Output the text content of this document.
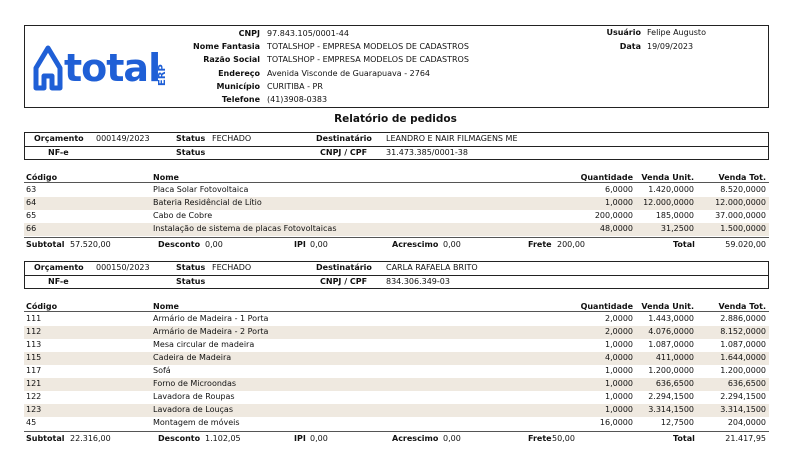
total
ERP
CNPJ 97.843.105/0001-44
Nome Fantasia TOTALSHOP - EMPRESA MODELOS DE CADASTROS
Razão Social TOTALSHOP - EMPRESA MODELOS DE CADASTROS
Endereço Avenida Visconde de Guarapuava - 2764
Município CURITIBA - PR
Telefone (41)3908-0383
Usuário Felipe Augusto
Data 19/09/2023
Relatório de pedidos
Orçamento 000149/2023	Status FECHADO	Destinatário LEANDRO E NAIR FILMAGENS ME
NF-e	Status	CNPJ / CPF 31.473.385/0001-38
Código	Nome	Quantidade Venda Unit.	Venda Tot.
63	Placa Solar Fotovoltaica	6,0000 1.420,0000	8.520,0000
64	Bateria Residêncial de Lítio	1,0000 12.000,0000	12.000,0000
65	Cabo de Cobre	200,0000	185,0000	37.000,0000
66	Instalação de sistema de placas Fotovoltaicas	48,0000	31,2500	1.500,0000
Subtotal 57.520,00	Desconto 0,00	IPI 0,00	Acrescimo 0,00	Frete 200,00	Total	59.020,00
Orçamento 000150/2023	Status FECHADO	Destinatário CARLA RAFAELA BRITO
NF-e	Status	CNPJ / CPF 834.306.349-03
Código	Nome	Quantidade Venda Unit.	Venda Tot.
111	Armário de Madeira - 1 Porta	2,0000 1.443,0000	2.886,0000
112	Armário de Madeira - 2 Porta	2,0000 4.076,0000	8.152,0000
113	Mesa circular de madeira	1,0000 1.087,0000	1.087,0000
115	Cadeira de Madeira	4,0000	411,0000	1.644,0000
117	Sofá	1,0000 1.200,0000	1.200,0000
121	Forno de Microondas	1,0000	636,6500	636,6500
122	Lavadora de Roupas	1,0000 2.294,1500	2.294,1500
123	Lavadora de Louças	1,0000 3.314,1500	3.314,1500
45	Montagem de móveis	16,0000	12,7500	204,0000
Subtotal 22.316,00	Desconto 1.102,05	IPI 0,00	Acrescimo 0,00	Frete 50,00	Total	21.417,95
